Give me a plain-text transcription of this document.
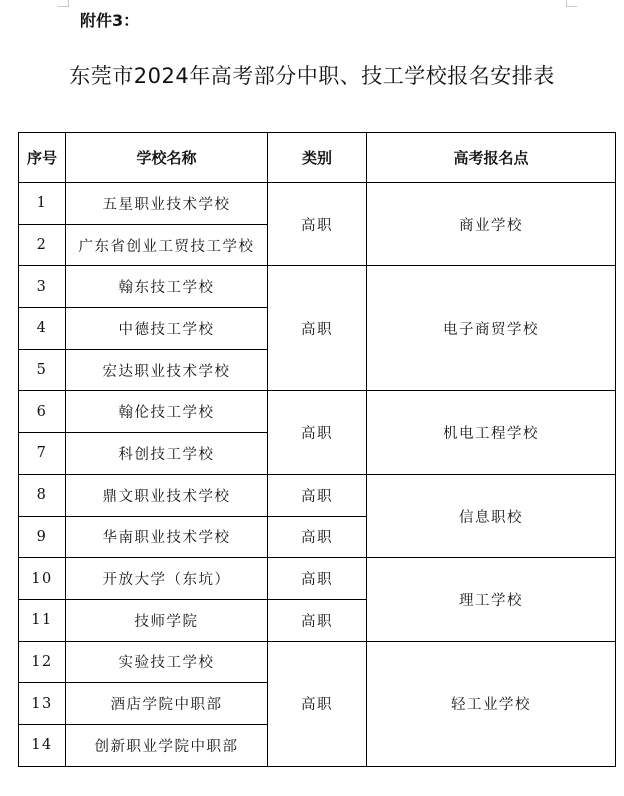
附件3：
东莞市2024年高考部分中职、技工学校报名安排表
序号	学校名称	类别	高考报名点
1	五星职业技术学校	高职	商业学校
2	广东省创业工贸技工学校		
3	翰东技工学校	高职	电子商贸学校
4	中德技工学校		
5	宏达职业技术学校		
6	翰伦技工学校	高职	机电工程学校
7	科创技工学校		
8	鼎文职业技术学校	高职	信息职校
9	华南职业技术学校	高职	
10	开放大学（东坑）	高职	理工学校
11	技师学院	高职	
12	实验技工学校	高职	轻工业学校
13	酒店学院中职部		
14	创新职业学院中职部		
